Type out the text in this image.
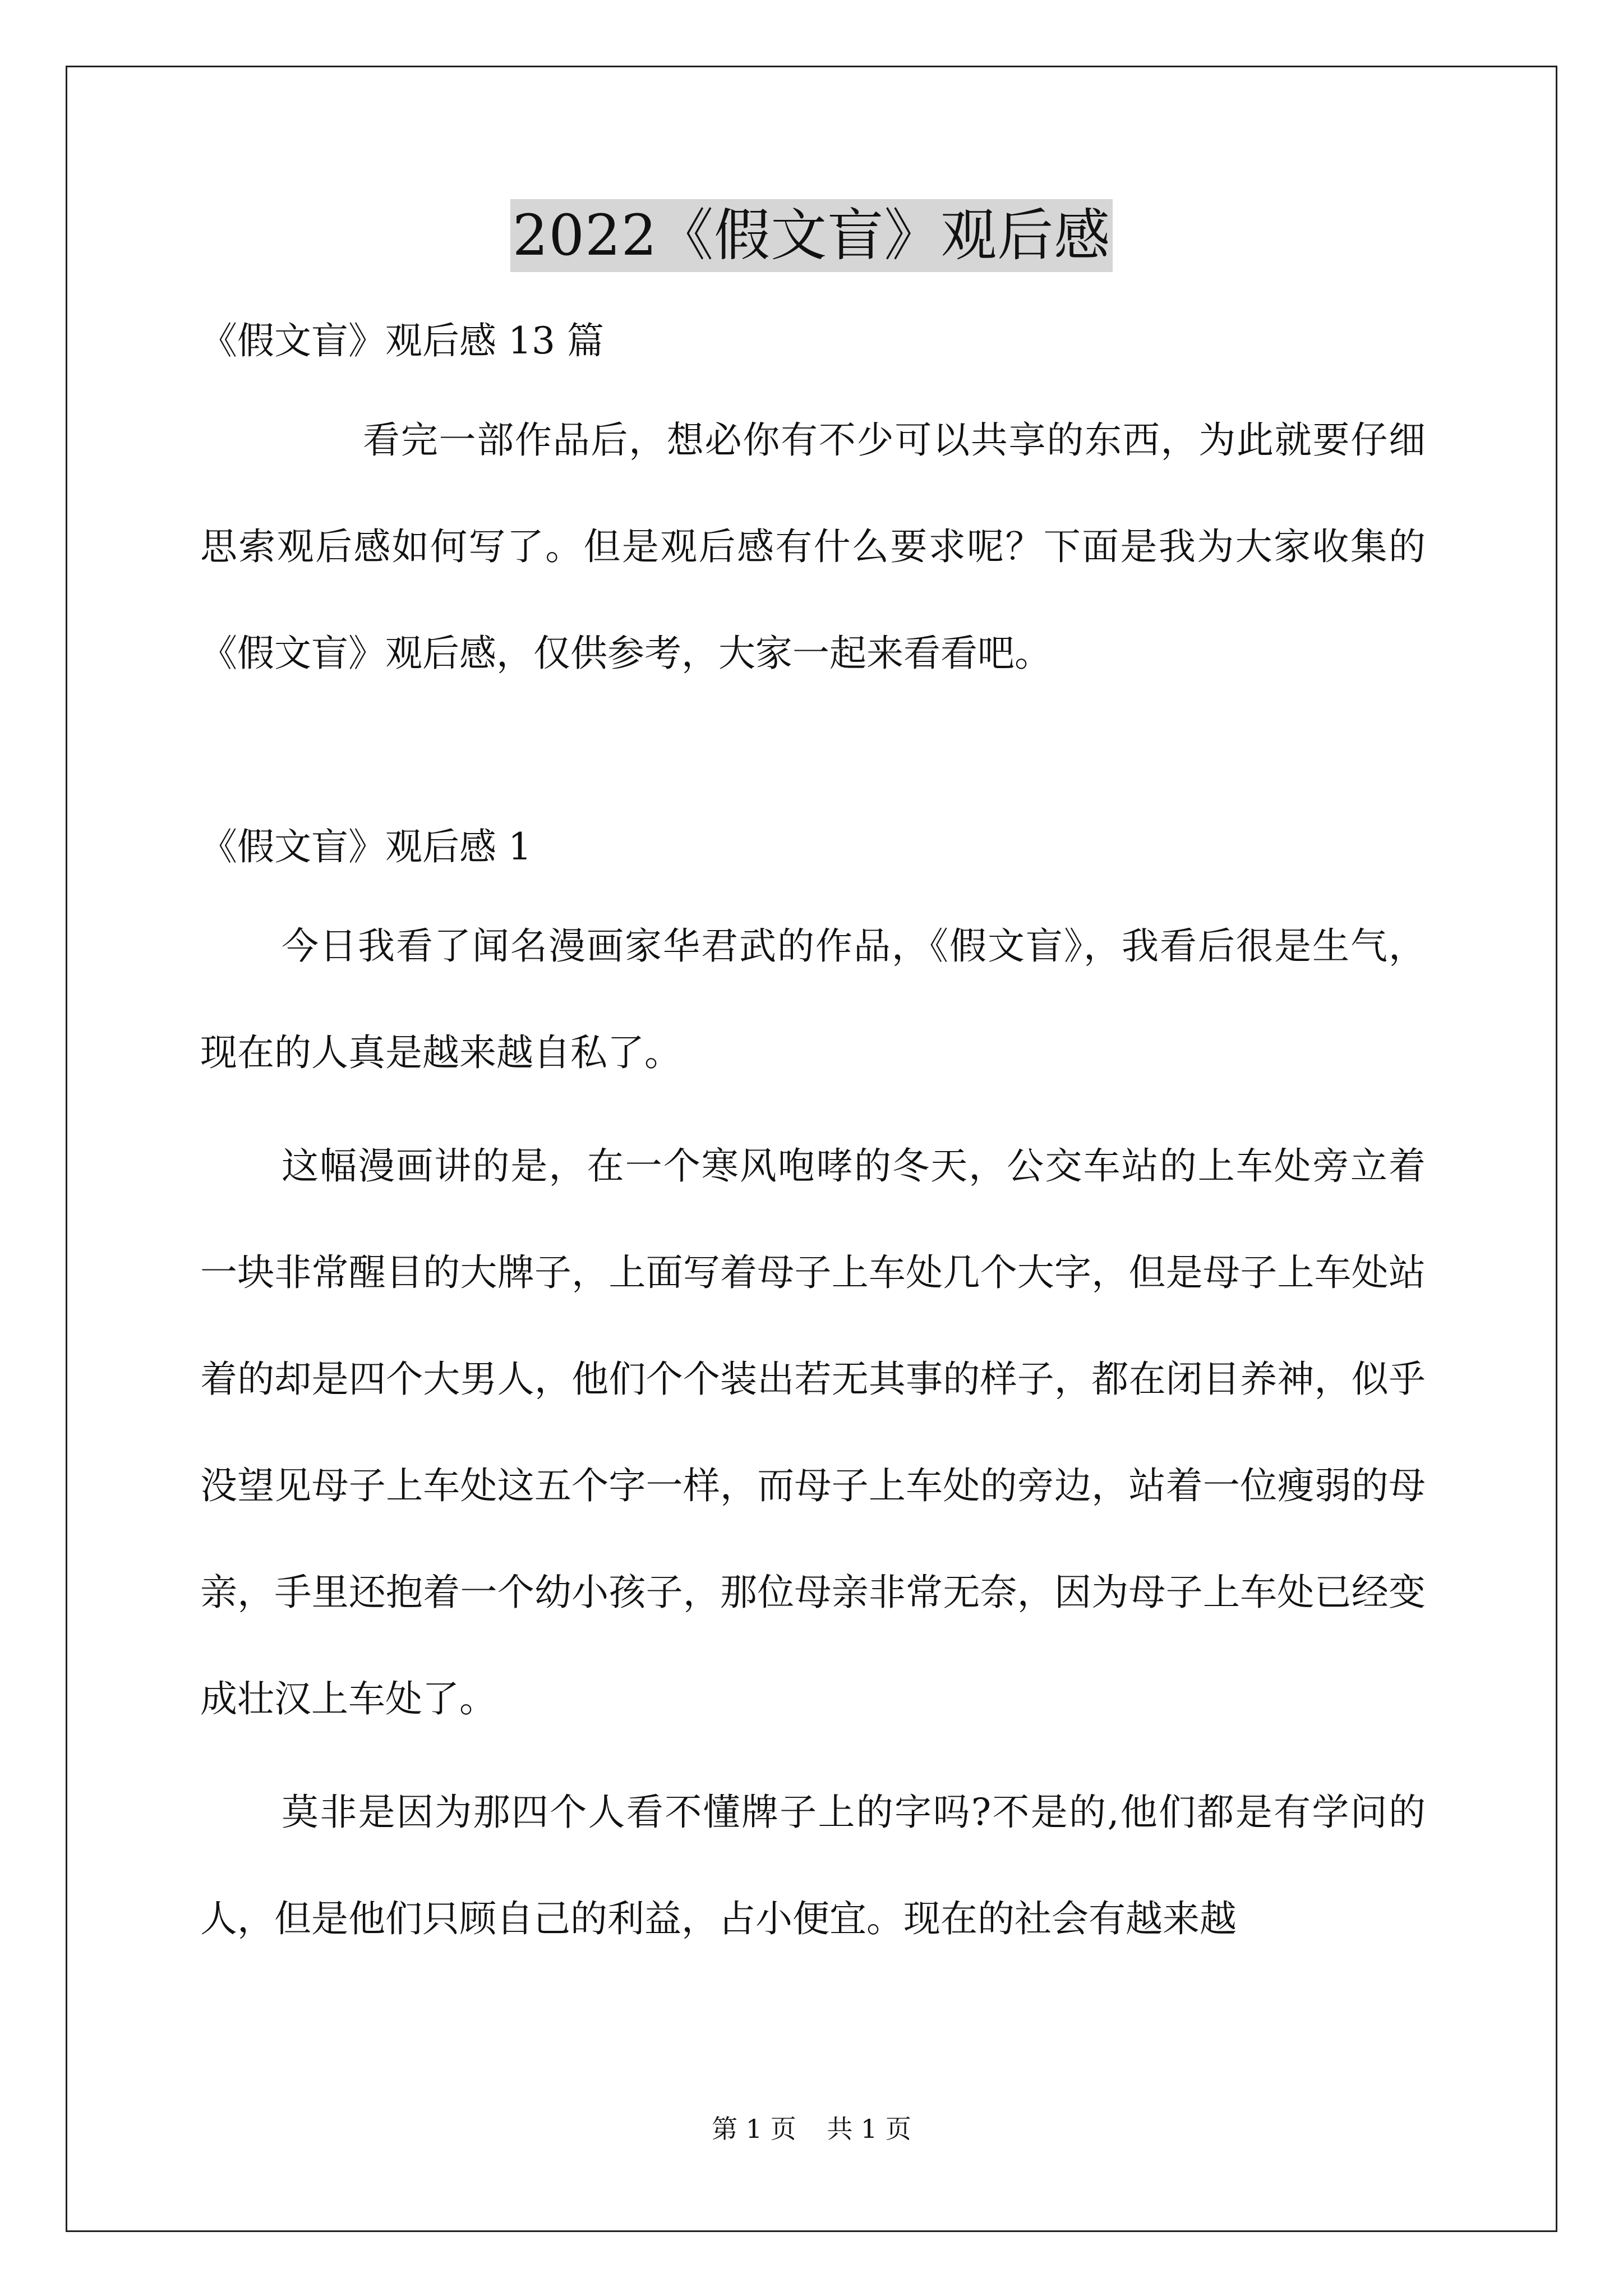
2022《假文盲》观后感

《假文盲》观后感 13 篇

看完一部作品后，想必你有不少可以共享的东西，为此就要仔细思索观后感如何写了。但是观后感有什么要求呢？下面是我为大家收集的《假文盲》观后感，仅供参考，大家一起来看看吧。

《假文盲》观后感 1

今日我看了闻名漫画家华君武的作品，《假文盲》，我看后很是生气，现在的人真是越来越自私了。

这幅漫画讲的是，在一个寒风咆哮的冬天，公交车站的上车处旁立着一块非常醒目的大牌子，上面写着母子上车处几个大字，但是母子上车处站着的却是四个大男人，他们个个装出若无其事的样子，都在闭目养神，似乎没望见母子上车处这五个字一样，而母子上车处的旁边，站着一位瘦弱的母亲，手里还抱着一个幼小孩子，那位母亲非常无奈，因为母子上车处已经变成壮汉上车处了。

莫非是因为那四个人看不懂牌子上的字吗?不是的,他们都是有学问的人，但是他们只顾自己的利益，占小便宜。现在的社会有越来越

第 1 页 共 1 页
